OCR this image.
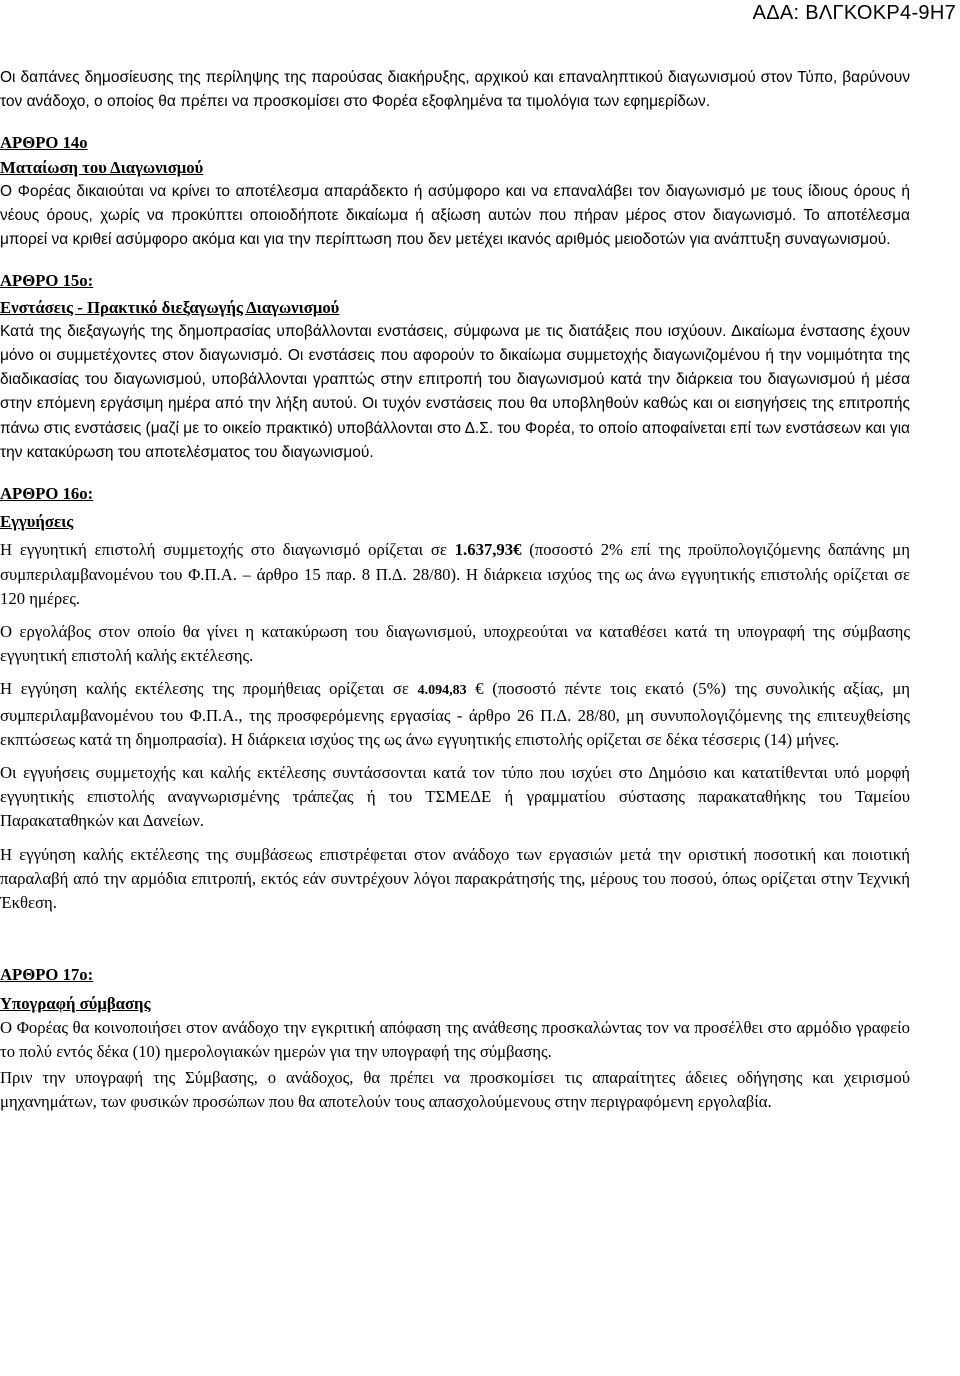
ΑΔΑ: ΒΛΓΚΟΚΡ4-9Η7

Οι δαπάνες δημοσίευσης της περίληψης της παρούσας διακήρυξης, αρχικού και επαναληπτικού διαγωνισμού στον Τύπο, βαρύνουν τον ανάδοχο, ο οποίος θα πρέπει να προσκομίσει στο Φορέα εξοφλημένα τα τιμολόγια των εφημερίδων.

ΑΡΘΡΟ 14ο
Ματαίωση του Διαγωνισμού

Ο Φορέας δικαιούται να κρίνει το αποτέλεσμα απαράδεκτο ή ασύμφορο και να επαναλάβει τον διαγωνισμό με τους ίδιους όρους ή νέους όρους, χωρίς να προκύπτει οποιοδήποτε δικαίωμα ή αξίωση αυτών που πήραν μέρος στον διαγωνισμό. Το αποτέλεσμα μπορεί να κριθεί ασύμφορο ακόμα και για την περίπτωση που δεν μετέχει ικανός αριθμός μειοδοτών για ανάπτυξη συναγωνισμού.

ΑΡΘΡΟ 15ο:
Ενστάσεις - Πρακτικό διεξαγωγής Διαγωνισμού

Κατά της διεξαγωγής της δημοπρασίας υποβάλλονται ενστάσεις, σύμφωνα με τις διατάξεις που ισχύουν. Δικαίωμα ένστασης έχουν μόνο οι συμμετέχοντες στον διαγωνισμό. Οι ενστάσεις που αφορούν το δικαίωμα συμμετοχής διαγωνιζομένου ή την νομιμότητα της διαδικασίας του διαγωνισμού, υποβάλλονται γραπτώς στην επιτροπή του διαγωνισμού κατά την διάρκεια του διαγωνισμού ή μέσα στην επόμενη εργάσιμη ημέρα από την λήξη αυτού. Οι τυχόν ενστάσεις που θα υποβληθούν καθώς και οι εισηγήσεις της επιτροπής πάνω στις ενστάσεις (μαζί με το οικείο πρακτικό) υποβάλλονται στο Δ.Σ. του Φορέα, το οποίο αποφαίνεται επί των ενστάσεων και για την κατακύρωση του αποτελέσματος του διαγωνισμού.

ΑΡΘΡΟ 16ο:
Εγγυήσεις

Η εγγυητική επιστολή συμμετοχής στο διαγωνισμό ορίζεται σε 1.637,93€ (ποσοστό 2% επί της προϋπολογιζόμενης δαπάνης μη συμπεριλαμβανομένου του Φ.Π.Α. – άρθρο 15 παρ. 8 Π.Δ. 28/80). Η διάρκεια ισχύος της ως άνω εγγυητικής επιστολής ορίζεται σε 120 ημέρες.

Ο εργολάβος στον οποίο θα γίνει η κατακύρωση του διαγωνισμού, υποχρεούται να καταθέσει κατά τη υπογραφή της σύμβασης εγγυητική επιστολή καλής εκτέλεσης.

Η εγγύηση καλής εκτέλεσης της προμήθειας ορίζεται σε 4.094,83 € (ποσοστό πέντε τοις εκατό (5%) της συνολικής αξίας, μη συμπεριλαμβανομένου του Φ.Π.Α., της προσφερόμενης εργασίας - άρθρο 26 Π.Δ. 28/80, μη συνυπολογιζόμενης της επιτευχθείσης εκπτώσεως κατά τη δημοπρασία). Η διάρκεια ισχύος της ως άνω εγγυητικής επιστολής ορίζεται σε δέκα τέσσερις (14) μήνες.

Οι εγγυήσεις συμμετοχής και καλής εκτέλεσης συντάσσονται κατά τον τύπο που ισχύει στο Δημόσιο και κατατίθενται υπό μορφή εγγυητικής επιστολής αναγνωρισμένης τράπεζας ή του ΤΣΜΕΔΕ ή γραμματίου σύστασης παρακαταθήκης του Ταμείου Παρακαταθηκών και Δανείων.

Η εγγύηση καλής εκτέλεσης της συμβάσεως επιστρέφεται στον ανάδοχο των εργασιών μετά την οριστική ποσοτική και ποιοτική παραλαβή από την αρμόδια επιτροπή, εκτός εάν συντρέχουν λόγοι παρακράτησής της, μέρους του ποσού, όπως ορίζεται στην Τεχνική Έκθεση.

ΑΡΘΡΟ 17ο:
Υπογραφή σύμβασης

Ο Φορέας θα κοινοποιήσει στον ανάδοχο την εγκριτική απόφαση της ανάθεσης προσκαλώντας τον να προσέλθει στο αρμόδιο γραφείο το πολύ εντός δέκα (10) ημερολογιακών ημερών για την υπογραφή της σύμβασης.

Πριν την υπογραφή της Σύμβασης, ο ανάδοχος, θα πρέπει να προσκομίσει τις απαραίτητες άδειες οδήγησης και χειρισμού μηχανημάτων, των φυσικών προσώπων που θα αποτελούν τους απασχολούμενους στην περιγραφόμενη εργολαβία.
